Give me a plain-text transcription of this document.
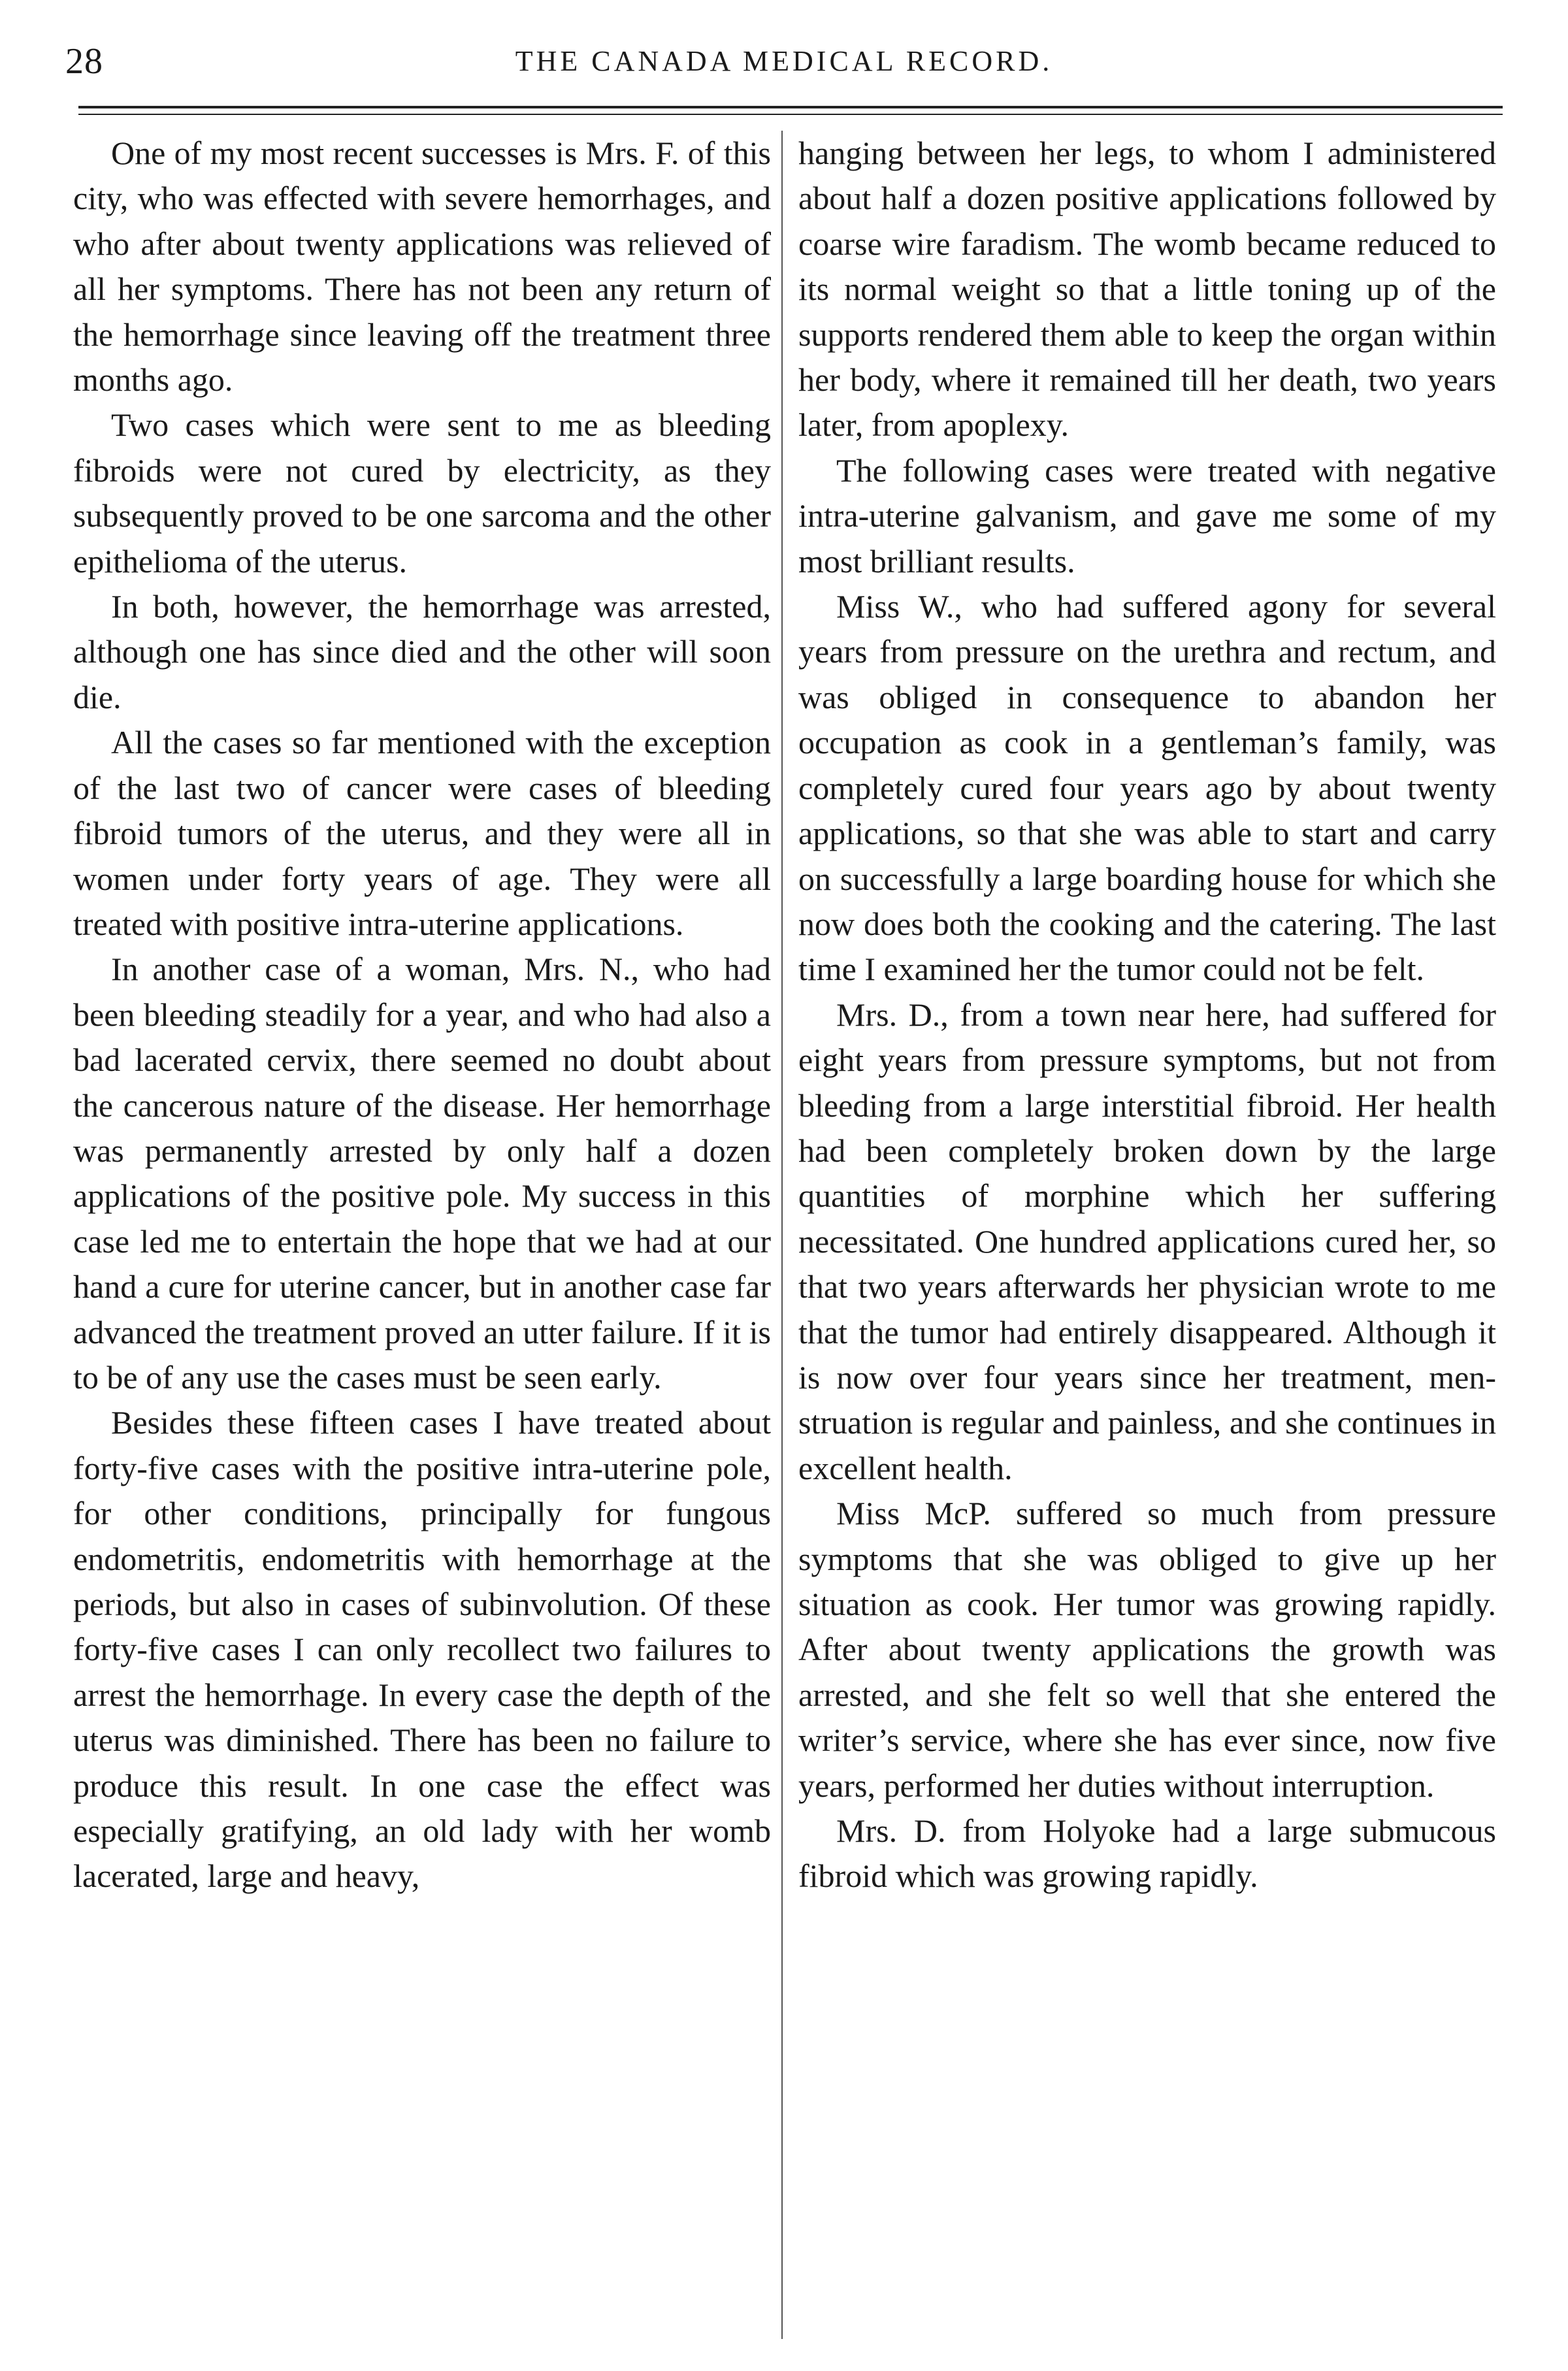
28	THE CANADA MEDICAL RECORD.

One of my most recent successes is Mrs. F. of this city, who was effected with severe hemorrhages, and who after about twenty applications was relieved of all her symptoms. There has not been any return of the hemorrhage since leaving off the treatment three months ago.

Two cases which were sent to me as bleeding fibroids were not cured by electricity, as they subsequently proved to be one sarcoma and the other epithelioma of the uterus.

In both, however, the hemorrhage was arrested, although one has since died and the other will soon die.

All the cases so far mentioned with the exception of the last two of cancer were cases of bleeding fibroid tumors of the uterus, and they were all in women under forty years of age. They were all treated with positive intra-uterine applications.

In another case of a woman, Mrs. N., who had been bleeding steadily for a year, and who had also a bad lacerated cervix, there seemed no doubt about the cancerous nature of the disease. Her hemorrhage was permanently arrested by only half a dozen applications of the positive pole. My success in this case led me to entertain the hope that we had at our hand a cure for uterine cancer, but in another case far advanced the treatment proved an utter failure. If it is to be of any use the cases must be seen early.

Besides these fifteen cases I have treated about forty-five cases with the positive intra-uterine pole, for other conditions, principally for fungous endometritis, endometritis with hemorrhage at the periods, but also in cases of subinvolution. Of these forty-five cases I can only recollect two failures to arrest the hemorrhage. In every case the depth of the uterus was diminished. There has been no failure to produce this result. In one case the effect was especially gratifying, an old lady with her womb lacerated, large and heavy,

hanging between her legs, to whom I administered about half a dozen positive applications followed by coarse wire faradism. The womb became reduced to its normal weight so that a little toning up of the supports rendered them able to keep the organ within her body, where it remained till her death, two years later, from apoplexy.

The following cases were treated with negative intra-uterine galvanism, and gave me some of my most brilliant results.

Miss W., who had suffered agony for several years from pressure on the urethra and rectum, and was obliged in consequence to abandon her occupation as cook in a gentleman’s family, was completely cured four years ago by about twenty applications, so that she was able to start and carry on successfully a large boarding house for which she now does both the cooking and the catering. The last time I examined her the tumor could not be felt.

Mrs. D., from a town near here, had suffered for eight years from pressure symptoms, but not from bleeding from a large interstitial fibroid. Her health had been completely broken down by the large quantities of morphine which her suffering necessitated. One hundred applications cured her, so that two years afterwards her physician wrote to me that the tumor had entirely disappeared. Although it is now over four years since her treatment, menstruation is regular and painless, and she continues in excellent health.

Miss McP. suffered so much from pressure symptoms that she was obliged to give up her situation as cook. Her tumor was growing rapidly. After about twenty applications the growth was arrested, and she felt so well that she entered the writer’s service, where she has ever since, now five years, performed her duties without interruption.

Mrs. D. from Holyoke had a large submucous fibroid which was growing rapidly.
